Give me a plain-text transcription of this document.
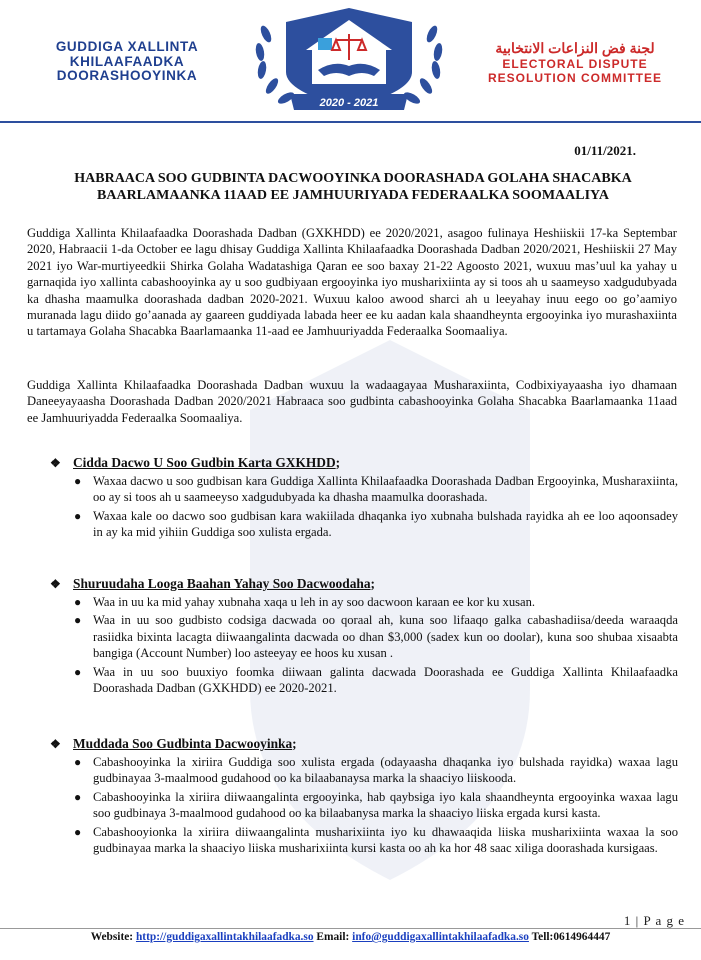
GUDDIGA XALLINTA
KHILAAFAADKA
DOORASHOOYINKA
2020 - 2021
لجنة فض النزاعات الانتخابية
ELECTORAL DISPUTE
RESOLUTION COMMITTEE
01/11/2021.
HABRAACA SOO GUDBINTA DACWOOYINKA DOORASHADA GOLAHA SHACABKA
BAARLAMAANKA 11AAD EE JAMHUURIYADA FEDERAALKA SOOMAALIYA

Guddiga Xallinta Khilaafaadka Doorashada Dadban (GXKHDD) ee 2020/2021, asagoo fulinaya Heshiiskii 17-ka Septembar 2020, Habraacii 1-da October ee lagu dhisay Guddiga Xallinta Khilaafaadka Doorashada Dadban 2020/2021, Heshiiskii 27 May 2021 iyo War-murtiyeedkii Shirka Golaha Wadatashiga Qaran ee soo baxay 21-22 Agoosto 2021, wuxuu mas’uul ka yahay u garnaqida iyo xallinta cabashooyinka ay u soo gudbiyaan ergooyinka iyo musharixiinta ay si toos ah u saameyso xadgudubyada ka dhasha maamulka doorashada dadban 2020-2021. Wuxuu kaloo awood sharci ah u leeyahay inuu eego oo go’aamiyo muranada lagu diido go’aanada ay gaareen guddiyada labada heer ee ku aadan kala shaandheynta ergooyinka iyo murashaxiinta u tartamaya Golaha Shacabka Baarlamaanka 11-aad ee Jamhuuriyadda Federaalka Soomaaliya.

Guddiga Xallinta Khilaafaadka Doorashada Dadban wuxuu la wadaagayaa Musharaxiinta, Codbixiyayaasha iyo dhamaan Daneeyayaasha Doorashada Dadban 2020/2021 Habraaca soo gudbinta cabashooyinka Golaha Shacabka Baarlamaanka 11aad ee Jamhuuriyadda Federaalka Soomaaliya.

❖ Cidda Dacwo U Soo Gudbin Karta GXKHDD ;
● Waxaa dacwo u soo gudbisan kara Guddiga Xallinta Khilaafaadka Doorashada Dadban Ergooyinka, Musharaxiinta, oo ay si toos ah u saameeyso xadgudubyada ka dhasha maamulka doorashada.
● Waxaa kale oo dacwo soo gudbisan kara wakiilada dhaqanka iyo xubnaha bulshada rayidka ah ee loo aqoonsadey in ay ka mid yihiin Guddiga soo xulista ergada.
❖ Shuruudaha Looga Baahan Yahay Soo Dacwoodaha ;
● Waa in uu ka mid yahay xubnaha xaqa u leh in ay soo dacwoon karaan ee kor ku xusan.
● Waa in uu soo gudbisto codsiga dacwada oo qoraal ah, kuna soo lifaaqo galka cabashadiisa/deeda waraaqda rasiidka bixinta lacagta diiwaangalinta dacwada oo dhan $3,000 (sadex kun oo doolar), kuna soo shubaa xisaabta bangiga (Account Number) loo asteeyay ee hoos ku xusan .
● Waa in uu soo buuxiyo foomka diiwaan galinta dacwada Doorashada ee Guddiga Xallinta Khilaafaadka Doorashada Dadban (GXKHDD) ee 2020-2021.
❖ Muddada Soo Gudbinta Dacwooyinka ;
● Cabashooyinka la xiriira Guddiga soo xulista ergada (odayaasha dhaqanka iyo bulshada rayidka) waxaa lagu gudbinayaa 3-maalmood gudahood oo ka bilaabanaysa marka la shaaciyo liiskooda.
● Cabashooyinka la xiriira diiwaangalinta ergooyinka, hab qaybsiga iyo kala shaandheynta ergooyinka waxaa lagu soo gudbinaya 3-maalmood gudahood oo ka bilaabanysa marka la shaaciyo liiska ergada kursi kasta.
● Cabashooyionka la xiriira diiwaangalinta musharixiinta iyo ku dhawaaqida liiska musharixiinta waxaa la soo gudbinayaa marka la shaaciyo liiska musharixiinta kursi kasta oo ah ka hor 48 saac xiliga doorashada kursigaas.
1 | P a g e
Website: http://guddigaxallintakhilaafadka.so Email: info@guddigaxallintakhilaafadka.so Tell:0614964447
